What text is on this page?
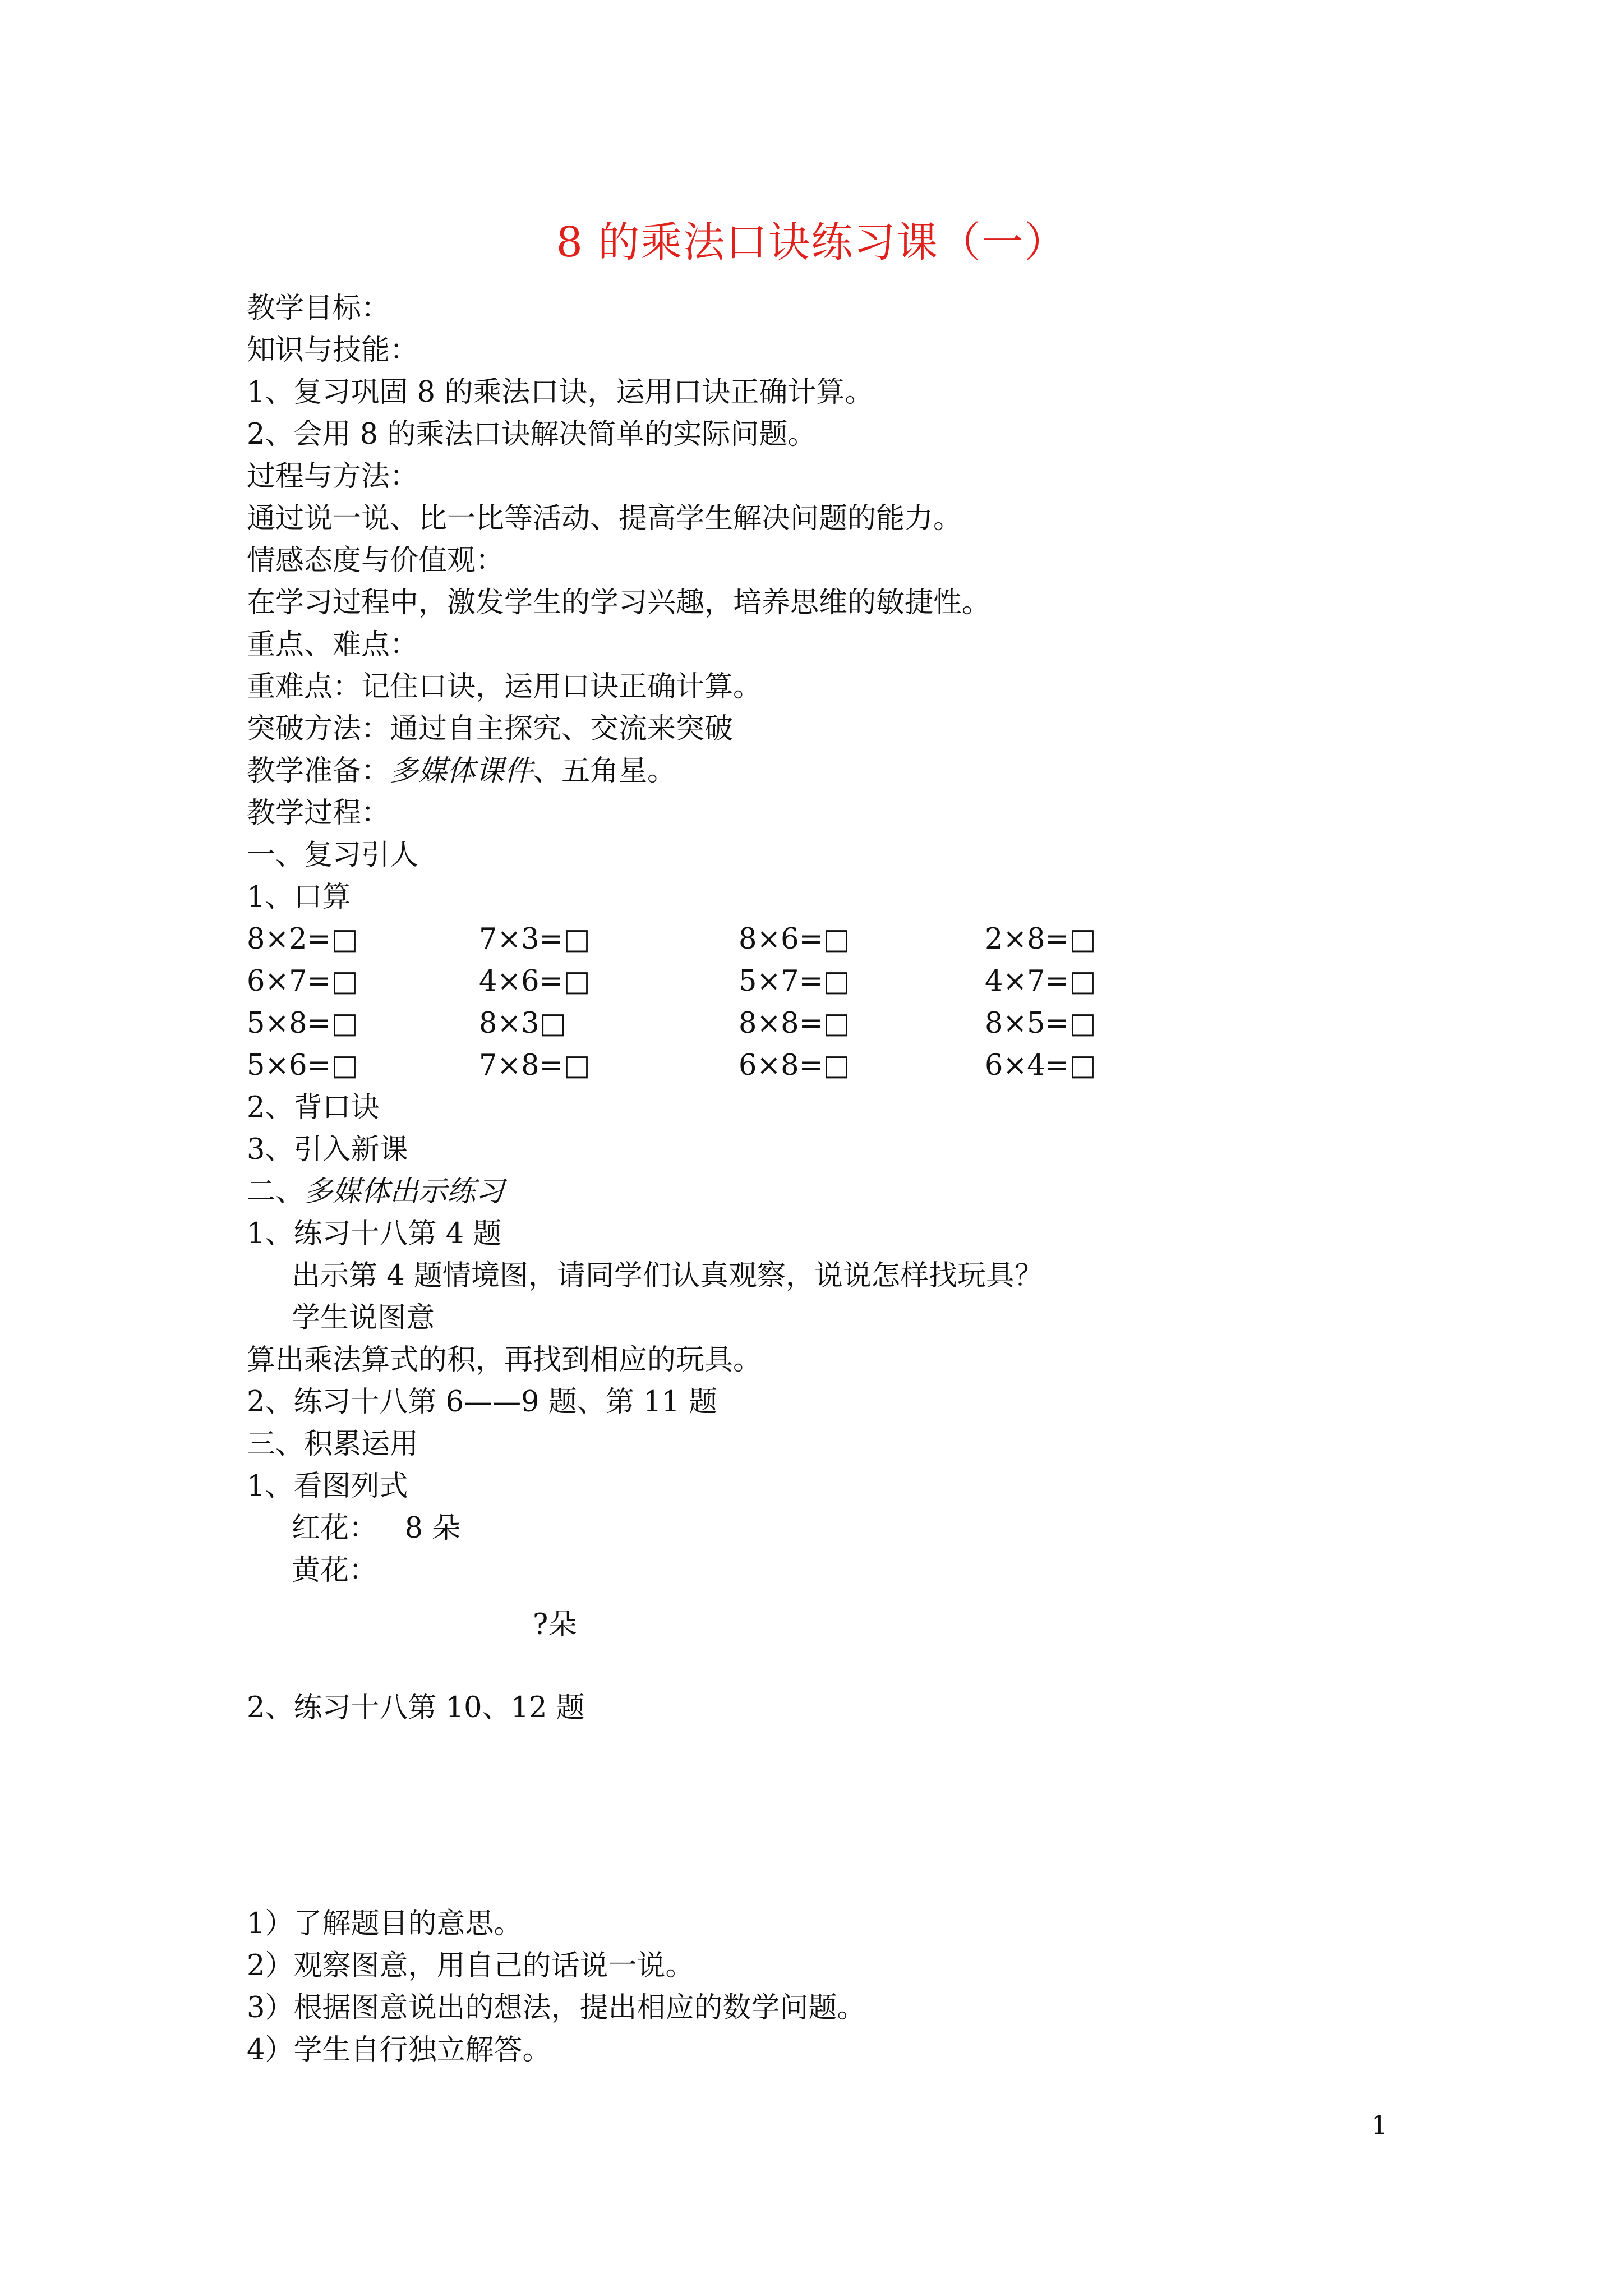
8 的乘法口诀练习课（一）
教学目标：
知识与技能：
1、复习巩固 8 的乘法口诀，运用口诀正确计算。
2、会用 8 的乘法口诀解决简单的实际问题。
过程与方法：
通过说一说、比一比等活动、提高学生解决问题的能力。
情感态度与价值观：
在学习过程中，激发学生的学习兴趣，培养思维的敏捷性。
重点、难点：
重难点：记住口诀，运用口诀正确计算。
突破方法：通过自主探究、交流来突破
教学准备：多媒体课件、五角星。
教学过程：
一、复习引人
1、口算
8×2=□	7×3=□	8×6=□	2×8=□
6×7=□	4×6=□	5×7=□	4×7=□
5×8=□	8×3□	8×8=□	8×5=□
5×6=□	7×8=□	6×8=□	6×4=□
2、背口诀
3、引入新课
二、多媒体出示练习
1、练习十八第 4 题
出示第 4 题情境图，请同学们认真观察，说说怎样找玩具？
学生说图意
算出乘法算式的积，再找到相应的玩具。
2、练习十八第 6——9 题、第 11 题
三、积累运用
1、看图列式
红花：   8 朵
黄花：
?朵
2、练习十八第 10、12 题
1）了解题目的意思。
2）观察图意，用自己的话说一说。
3）根据图意说出的想法，提出相应的数学问题。
4）学生自行独立解答。
1
